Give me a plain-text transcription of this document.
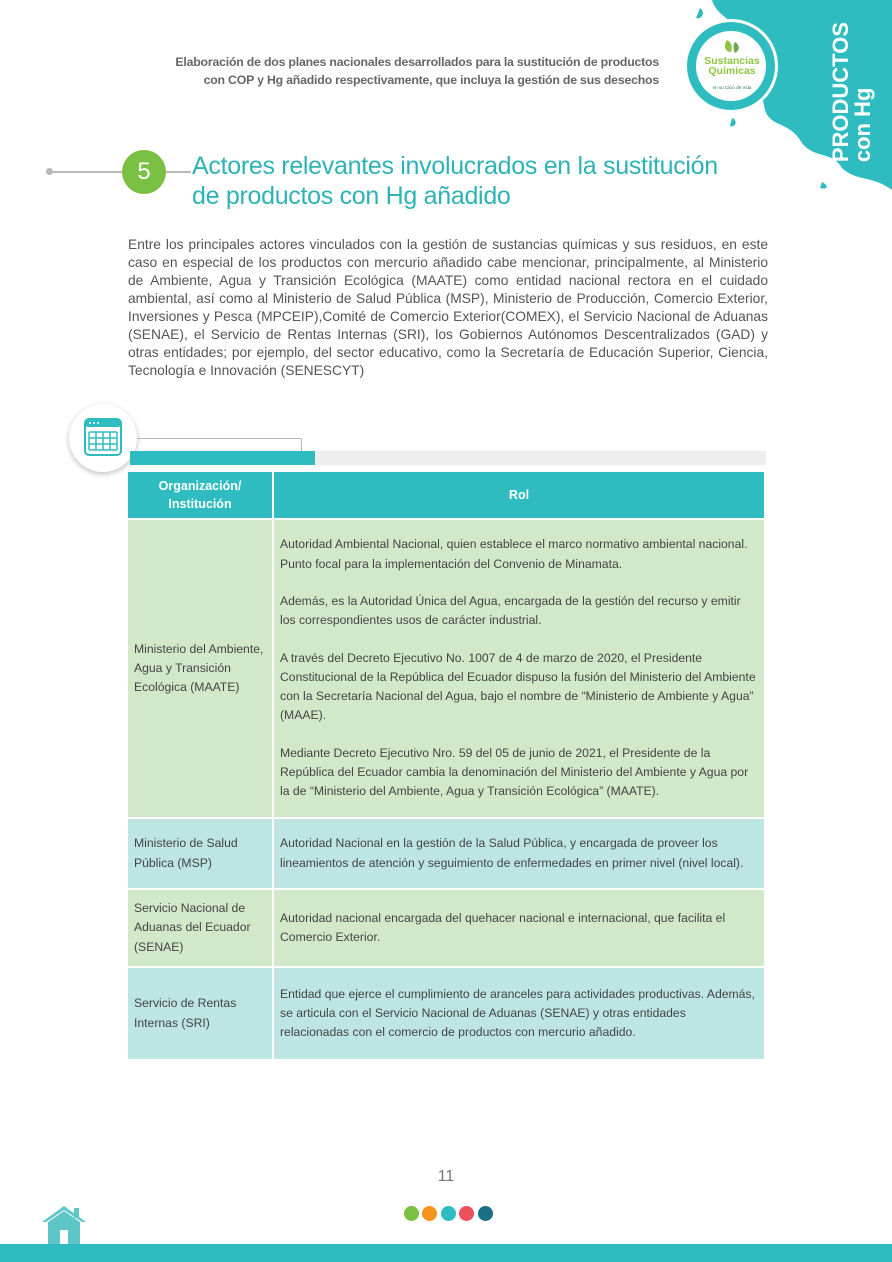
PRODUCTOS
con Hg
Sustancias
Químicas
en su Ciclo de Vida
Elaboración de dos planes nacionales desarrollados para la sustitución de productos
con COP y Hg añadido respectivamente, que incluya la gestión de sus desechos
5	Actores relevantes involucrados en la sustitución
de productos con Hg añadido
Entre los principales actores vinculados con la gestión de sustancias químicas y sus residuos, en este caso en especial de los productos con mercurio añadido cabe mencionar, principalmente, al Ministerio de Ambiente, Agua y Transición Ecológica (MAATE) como entidad nacional rectora en el cuidado ambiental, así como al Ministerio de Salud Pública (MSP), Ministerio de Producción, Comercio Exterior, Inversiones y Pesca (MPCEIP),Comité de Comercio Exterior(COMEX), el Servicio Nacional de Aduanas (SENAE), el Servicio de Rentas Internas (SRI), los Gobiernos Autónomos Descentralizados (GAD) y otras entidades; por ejemplo, del sector educativo, como la Secretaría de Educación Superior, Ciencia, Tecnología e Innovación (SENESCYT)
Organización/
Institución	Rol
Ministerio del Ambiente, Agua y Transición Ecológica (MAATE)	Autoridad Ambiental Nacional, quien establece el marco normativo ambiental nacional. Punto focal para la implementación del Convenio de Minamata.

Además, es la Autoridad Única del Agua, encargada de la gestión del recurso y emitir los correspondientes usos de carácter industrial.

A través del Decreto Ejecutivo No. 1007 de 4 de marzo de 2020, el Presidente Constitucional de la República del Ecuador dispuso la fusión del Ministerio del Ambiente con la Secretaría Nacional del Agua, bajo el nombre de “Ministerio de Ambiente y Agua” (MAAE).

Mediante Decreto Ejecutivo Nro. 59 del 05 de junio de 2021, el Presidente de la República del Ecuador cambia la denominación del Ministerio del Ambiente y Agua por la de “Ministerio del Ambiente, Agua y Transición Ecológica” (MAATE).

Ministerio de Salud Pública (MSP)	Autoridad Nacional en la gestión de la Salud Pública, y encargada de proveer los lineamientos de atención y seguimiento de enfermedades en primer nivel (nivel local).

Servicio Nacional de Aduanas del Ecuador (SENAE)	Autoridad nacional encargada del quehacer nacional e internacional, que facilita el Comercio Exterior.

Servicio de Rentas Internas (SRI)	Entidad que ejerce el cumplimiento de aranceles para actividades productivas. Además, se articula con el Servicio Nacional de Aduanas (SENAE) y otras entidades relacionadas con el comercio de productos con mercurio añadido.

11
